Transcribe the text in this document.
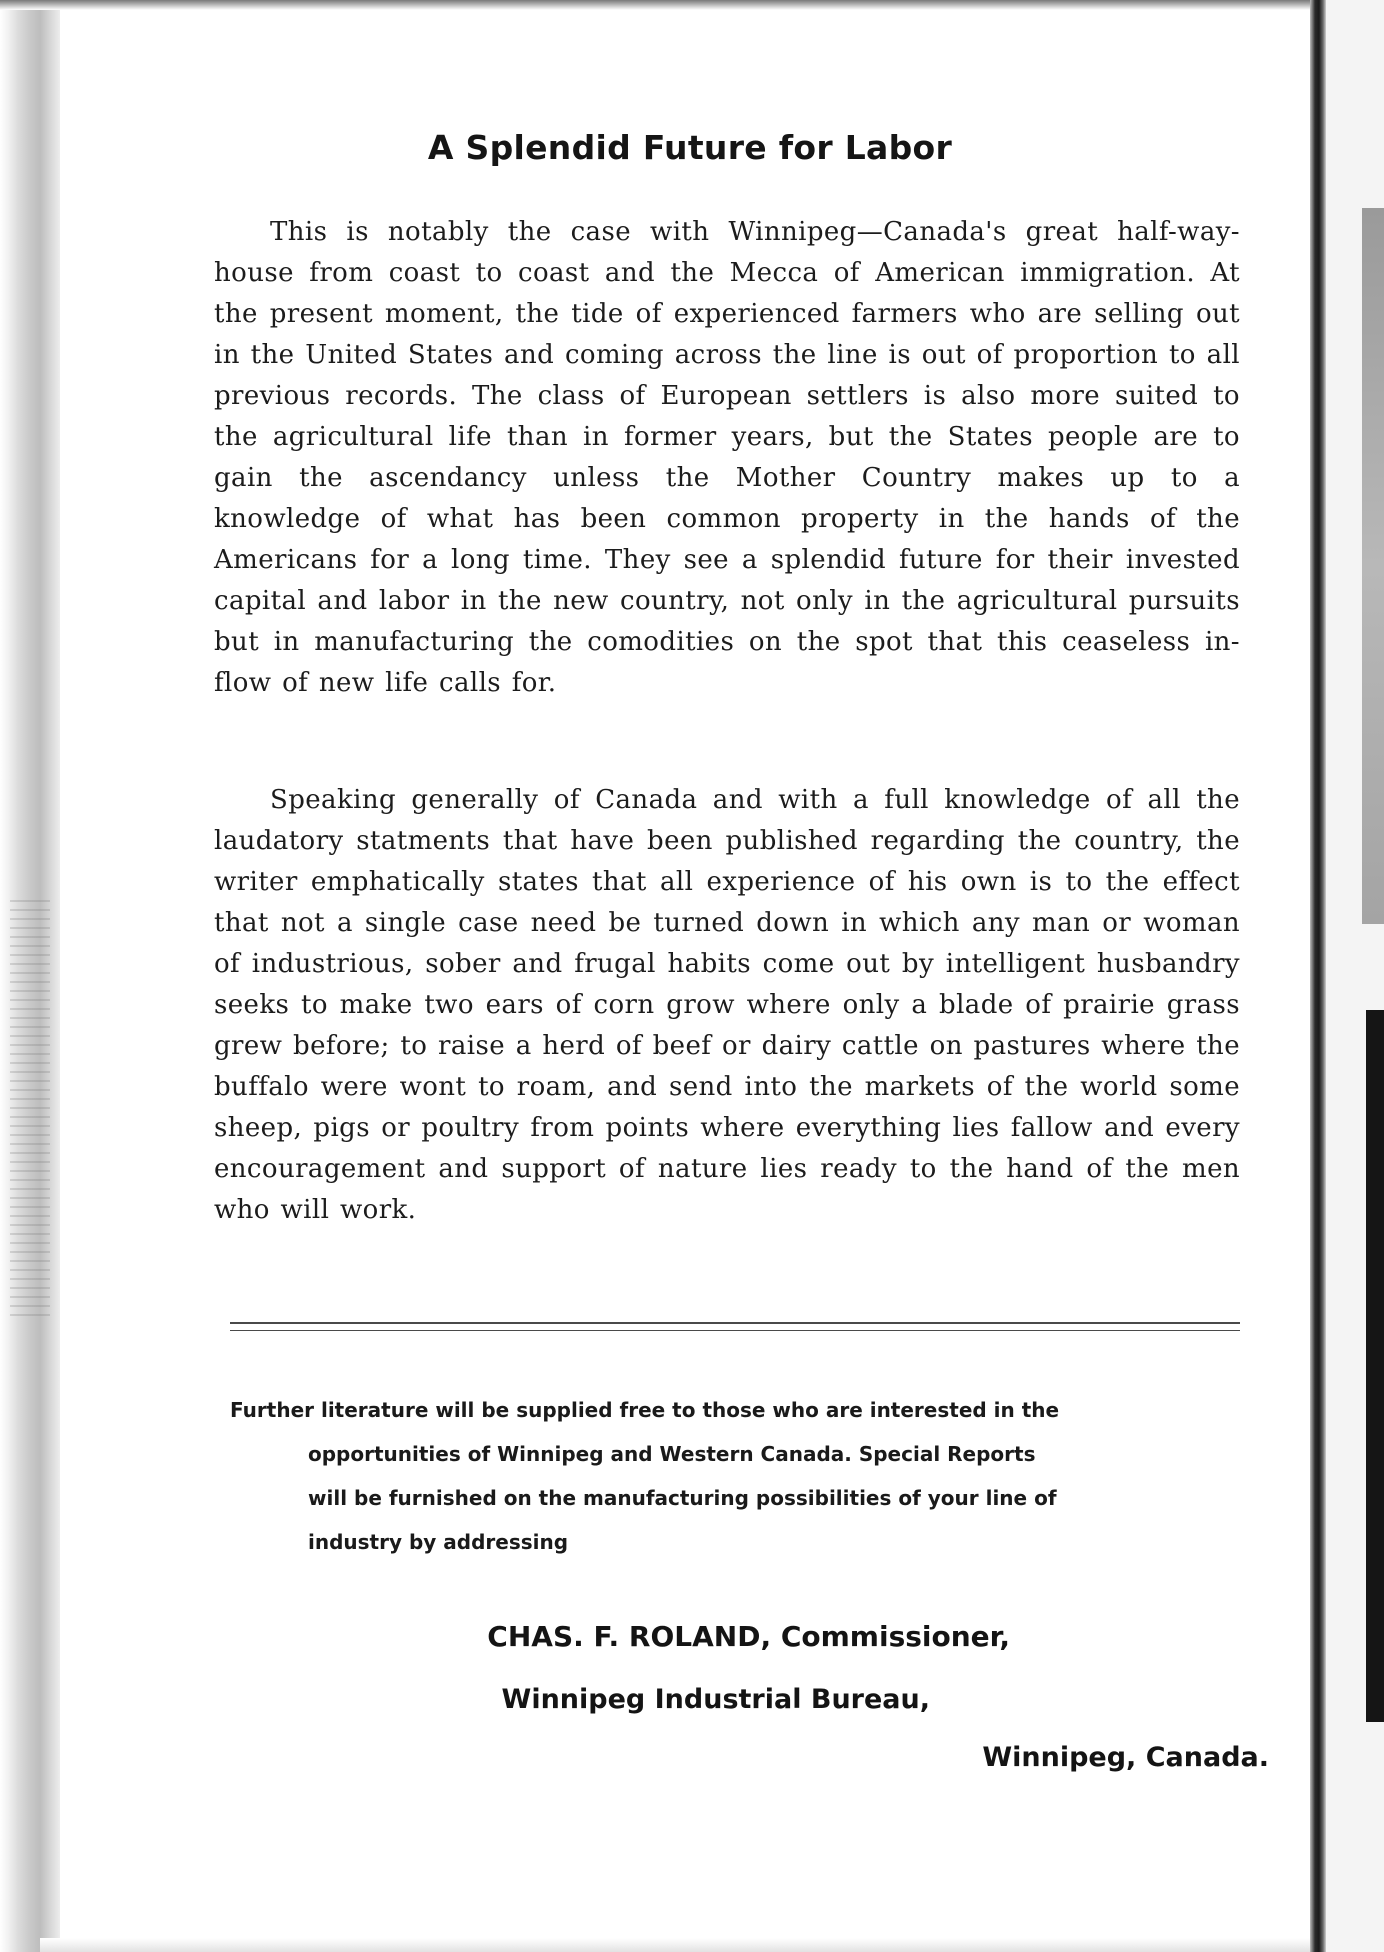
A Splendid Future for Labor

This is notably the case with Winnipeg—Canada's great half-way-house from coast to coast and the Mecca of American immigration. At the present moment, the tide of experienced farmers who are selling out in the United States and coming across the line is out of proportion to all previous records. The class of European settlers is also more suited to the agricultural life than in former years, but the States people are to gain the ascendancy unless the Mother Country makes up to a knowledge of what has been common property in the hands of the Americans for a long time. They see a splendid future for their invested capital and labor in the new country, not only in the agricultural pursuits but in manufacturing the comodities on the spot that this ceaseless in-flow of new life calls for.

Speaking generally of Canada and with a full knowledge of all the laudatory statments that have been published regarding the country, the writer emphatically states that all experience of his own is to the effect that not a single case need be turned down in which any man or woman of industrious, sober and frugal habits come out by intelligent husbandry seeks to make two ears of corn grow where only a blade of prairie grass grew before; to raise a herd of beef or dairy cattle on pastures where the buffalo were wont to roam, and send into the markets of the world some sheep, pigs or poultry from points where everything lies fallow and every encouragement and support of nature lies ready to the hand of the men who will work.

Further literature will be supplied free to those who are interested in the
opportunities of Winnipeg and Western Canada. Special Reports
will be furnished on the manufacturing possibilities of your line of
industry by addressing
CHAS. F. ROLAND, Commissioner,
Winnipeg Industrial Bureau,
Winnipeg, Canada.
